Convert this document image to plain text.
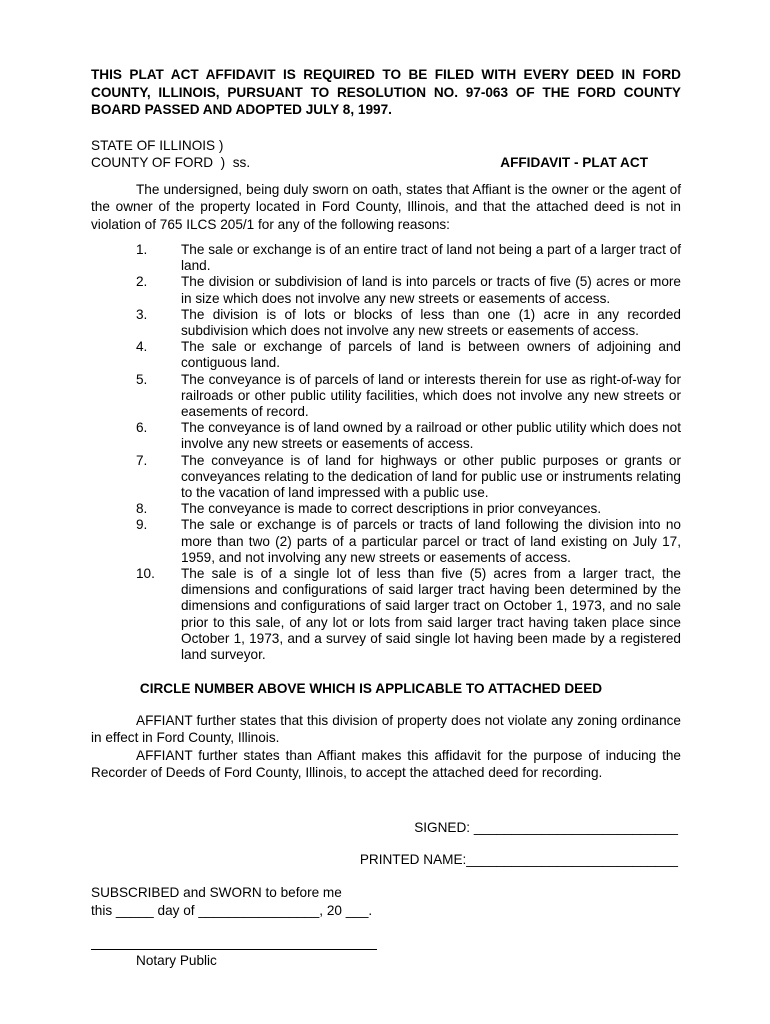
THIS PLAT ACT AFFIDAVIT IS REQUIRED TO BE FILED WITH EVERY DEED IN FORD COUNTY, ILLINOIS, PURSUANT TO RESOLUTION NO. 97-063 OF THE FORD COUNTY BOARD PASSED AND ADOPTED JULY 8, 1997.

STATE OF ILLINOIS )
COUNTY OF FORD  )  ss.	AFFIDAVIT - PLAT ACT

The undersigned, being duly sworn on oath, states that Affiant is the owner or the agent of the owner of the property located in Ford County, Illinois, and that the attached deed is not in violation of 765 ILCS 205/1 for any of the following reasons:

1. The sale or exchange is of an entire tract of land not being a part of a larger tract of land.
2. The division or subdivision of land is into parcels or tracts of five (5) acres or more in size which does not involve any new streets or easements of access.
3. The division is of lots or blocks of less than one (1) acre in any recorded subdivision which does not involve any new streets or easements of access.
4. The sale or exchange of parcels of land is between owners of adjoining and contiguous land.
5. The conveyance is of parcels of land or interests therein for use as right-of-way for railroads or other public utility facilities, which does not involve any new streets or easements of record.
6. The conveyance is of land owned by a railroad or other public utility which does not involve any new streets or easements of access.
7. The conveyance is of land for highways or other public purposes or grants or conveyances relating to the dedication of land for public use or instruments relating to the vacation of land impressed with a public use.
8. The conveyance is made to correct descriptions in prior conveyances.
9. The sale or exchange is of parcels or tracts of land following the division into no more than two (2) parts of a particular parcel or tract of land existing on July 17, 1959, and not involving any new streets or easements of access.
10. The sale is of a single lot of less than five (5) acres from a larger tract, the dimensions and configurations of said larger tract having been determined by the dimensions and configurations of said larger tract on October 1, 1973, and no sale prior to this sale, of any lot or lots from said larger tract having taken place since October 1, 1973, and a survey of said single lot having been made by a registered land surveyor.
CIRCLE NUMBER ABOVE WHICH IS APPLICABLE TO ATTACHED DEED

AFFIANT further states that this division of property does not violate any zoning ordinance in effect in Ford County, Illinois.

AFFIANT further states than Affiant makes this affidavit for the purpose of inducing the Recorder of Deeds of Ford County, Illinois, to accept the attached deed for recording.

SIGNED: ___________________________
PRINTED NAME:____________________________
SUBSCRIBED and SWORN to before me
this _____ day of ________________, 20 ___.
Notary Public
